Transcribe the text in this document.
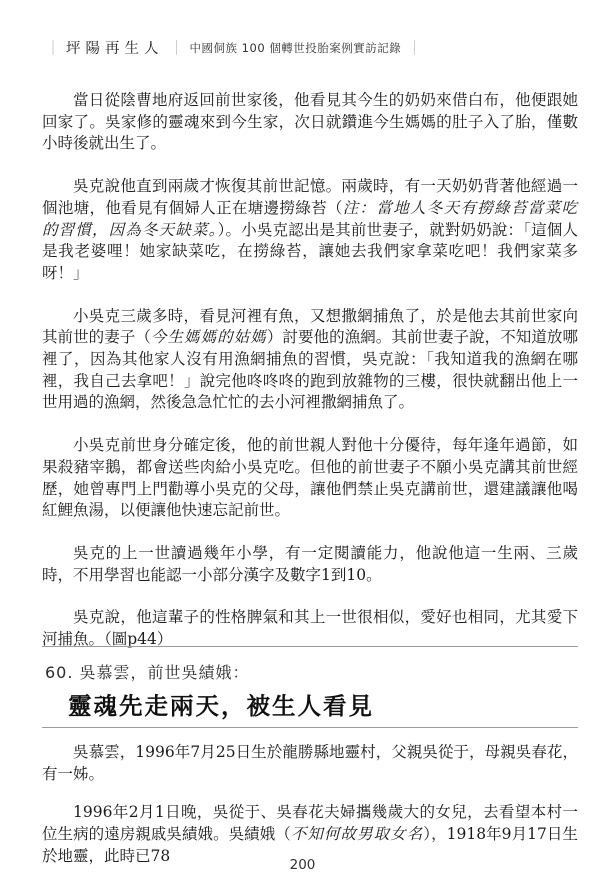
｜ 坪陽再生人 ｜ 中國侗族 100 個轉世投胎案例實訪記錄 ｜

當日從陰曹地府返回前世家後，他看見其今生的奶奶來借白布，他便跟她回家了。吳家修的靈魂來到今生家，次日就鑽進今生媽媽的肚子入了胎，僅數小時後就出生了。

吳克說他直到兩歲才恢復其前世記憶。兩歲時，有一天奶奶背著他經過一個池塘，他看見有個婦人正在塘邊撈綠苔（注：當地人冬天有撈綠苔當菜吃的習慣，因為冬天缺菜。）。小吳克認出是其前世妻子，就對奶奶說：「這個人是我老婆哩！她家缺菜吃，在撈綠苔，讓她去我們家拿菜吃吧！我們家菜多呀！」

小吳克三歲多時，看見河裡有魚，又想撒網捕魚了，於是他去其前世家向其前世的妻子（今生媽媽的姑媽）討要他的漁網。其前世妻子說，不知道放哪裡了，因為其他家人沒有用漁網捕魚的習慣，吳克說：「我知道我的漁網在哪裡，我自己去拿吧！」說完他咚咚咚的跑到放雜物的三樓，很快就翻出他上一世用過的漁網，然後急急忙忙的去小河裡撒網捕魚了。

小吳克前世身分確定後，他的前世親人對他十分優待，每年逢年過節，如果殺豬宰鵝，都會送些肉給小吳克吃。但他的前世妻子不願小吳克講其前世經歷，她曾專門上門勸導小吳克的父母，讓他們禁止吳克講前世，還建議讓他喝紅鯉魚湯，以便讓他快速忘記前世。

吳克的上一世讀過幾年小學，有一定閱讀能力，他說他這一生兩、三歲時，不用學習也能認一小部分漢字及數字1到10。

吳克說，他這輩子的性格脾氣和其上一世很相似，愛好也相同，尤其愛下河捕魚。（圖p44）

60. 吳慕雲，前世吳績娥：
靈魂先走兩天，被生人看見

吳慕雲，1996年7月25日生於龍勝縣地靈村，父親吳從于，母親吳春花，有一姊。

1996年2月1日晚，吳從于、吳春花夫婦攜幾歲大的女兒，去看望本村一位生病的遠房親戚吳績娥。吳績娥（不知何故男取女名），1918年9月17日生於地靈，此時已78

200
